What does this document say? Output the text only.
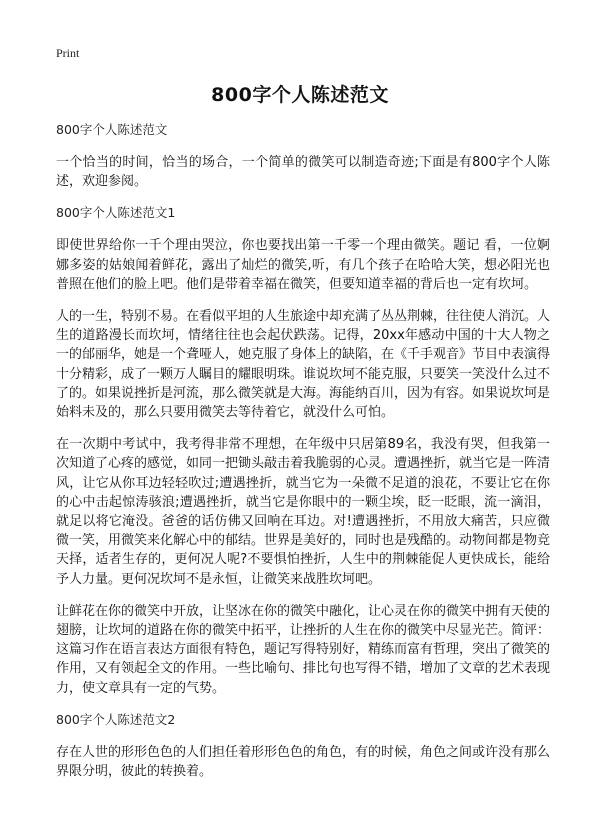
Print
800字个人陈述范文
800字个人陈述范文

一个恰当的时间，恰当的场合，一个简单的微笑可以制造奇迹;下面是有800字个人陈述，欢迎参阅。

800字个人陈述范文1

即使世界给你一千个理由哭泣，你也要找出第一千零一个理由微笑。题记 看，一位婀娜多姿的姑娘闻着鲜花，露出了灿烂的微笑,听，有几个孩子在哈哈大笑，想必阳光也普照在他们的脸上吧。他们是带着幸福在微笑，但要知道幸福的背后也一定有坎坷。

人的一生，特别不易。在看似平坦的人生旅途中却充满了丛丛荆棘，往往使人消沉。人生的道路漫长而坎坷，情绪往往也会起伏跌荡。记得，20xx年感动中国的十大人物之一的邰丽华，她是一个聋哑人，她克服了身体上的缺陷，在《千手观音》节目中表演得十分精彩，成了一颗万人瞩目的耀眼明珠。谁说坎坷不能克服，只要笑一笑没什么过不了的。如果说挫折是河流，那么微笑就是大海。海能纳百川，因为有容。如果说坎坷是始料未及的，那么只要用微笑去等待着它，就没什么可怕。

在一次期中考试中，我考得非常不理想，在年级中只居第89名，我没有哭，但我第一次知道了心疼的感觉，如同一把锄头敲击着我脆弱的心灵。遭遇挫折，就当它是一阵清风，让它从你耳边轻轻吹过;遭遇挫折，就当它为一朵微不足道的浪花，不要让它在你的心中击起惊涛骇浪;遭遇挫折，就当它是你眼中的一颗尘埃，眨一眨眼，流一滴泪，就足以将它淹没。爸爸的话仿佛又回响在耳边。对!遭遇挫折，不用放大痛苦，只应微微一笑，用微笑来化解心中的郁结。世界是美好的，同时也是残酷的。动物间都是物竞天择，适者生存的，更何况人呢?不要惧怕挫折，人生中的荆棘能促人更快成长，能给予人力量。更何况坎坷不是永恒，让微笑来战胜坎坷吧。

让鲜花在你的微笑中开放，让坚冰在你的微笑中融化，让心灵在你的微笑中拥有天使的翅膀，让坎坷的道路在你的微笑中拓平，让挫折的人生在你的微笑中尽显光芒。简评：这篇习作在语言表达方面很有特色，题记写得特别好，精练而富有哲理，突出了微笑的作用，又有领起全文的作用。一些比喻句、排比句也写得不错，增加了文章的艺术表现力，使文章具有一定的气势。

800字个人陈述范文2

存在人世的形形色色的人们担任着形形色色的角色，有的时候，角色之间或许没有那么界限分明，彼此的转换着。
